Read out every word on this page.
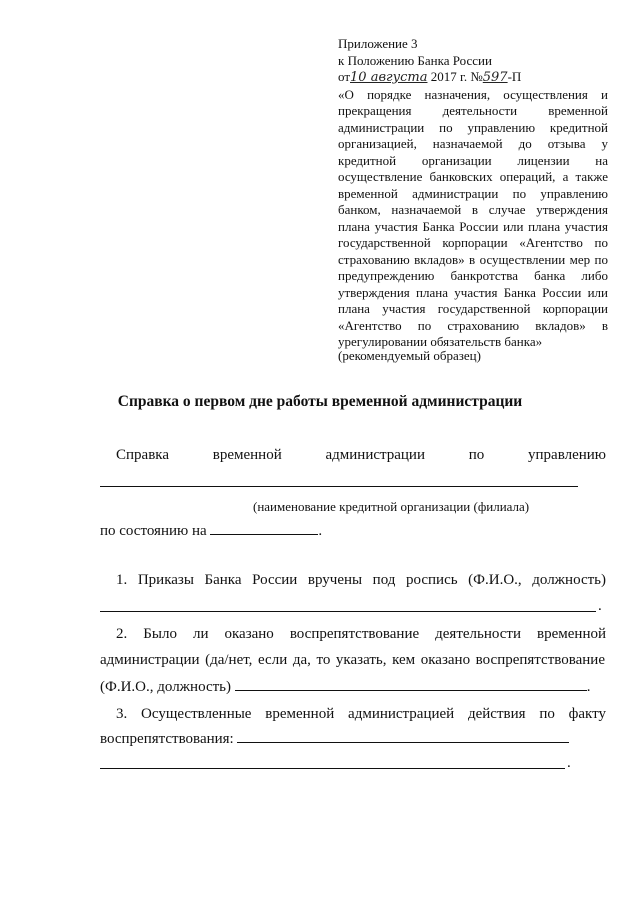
Приложение 3
к Положению Банка России
от10 августа 2017 г. №597-П
«О порядке назначения, осуществления и
прекращения деятельности временной
администрации по управлению кредитной
организацией, назначаемой до отзыва у
кредитной организации лицензии на
осуществление банковских операций, а также
временной администрации по управлению
банком, назначаемой в случае утверждения
плана участия Банка России или плана участия
государственной корпорации «Агентство по
страхованию вкладов» в осуществлении мер по
предупреждению банкротства банка либо
утверждения плана участия Банка России или
плана участия государственной корпорации
«Агентство по страхованию вкладов» в
урегулировании обязательств банка»
(рекомендуемый образец)
Справка о первом дне работы временной администрации
Справка	временной	администрации	по	управлению
(наименование кредитной организации (филиала)
по состоянию на	.
1. Приказы Банка России вручены под роспись (Ф.И.О., должность)
.
2. Было ли оказано воспрепятствование деятельности временной
администрации (да/нет, если да, то указать, кем оказано воспрепятствование
(Ф.И.О., должность)	.
3. Осуществленные временной администрацией действия по факту
воспрепятствования:
.
